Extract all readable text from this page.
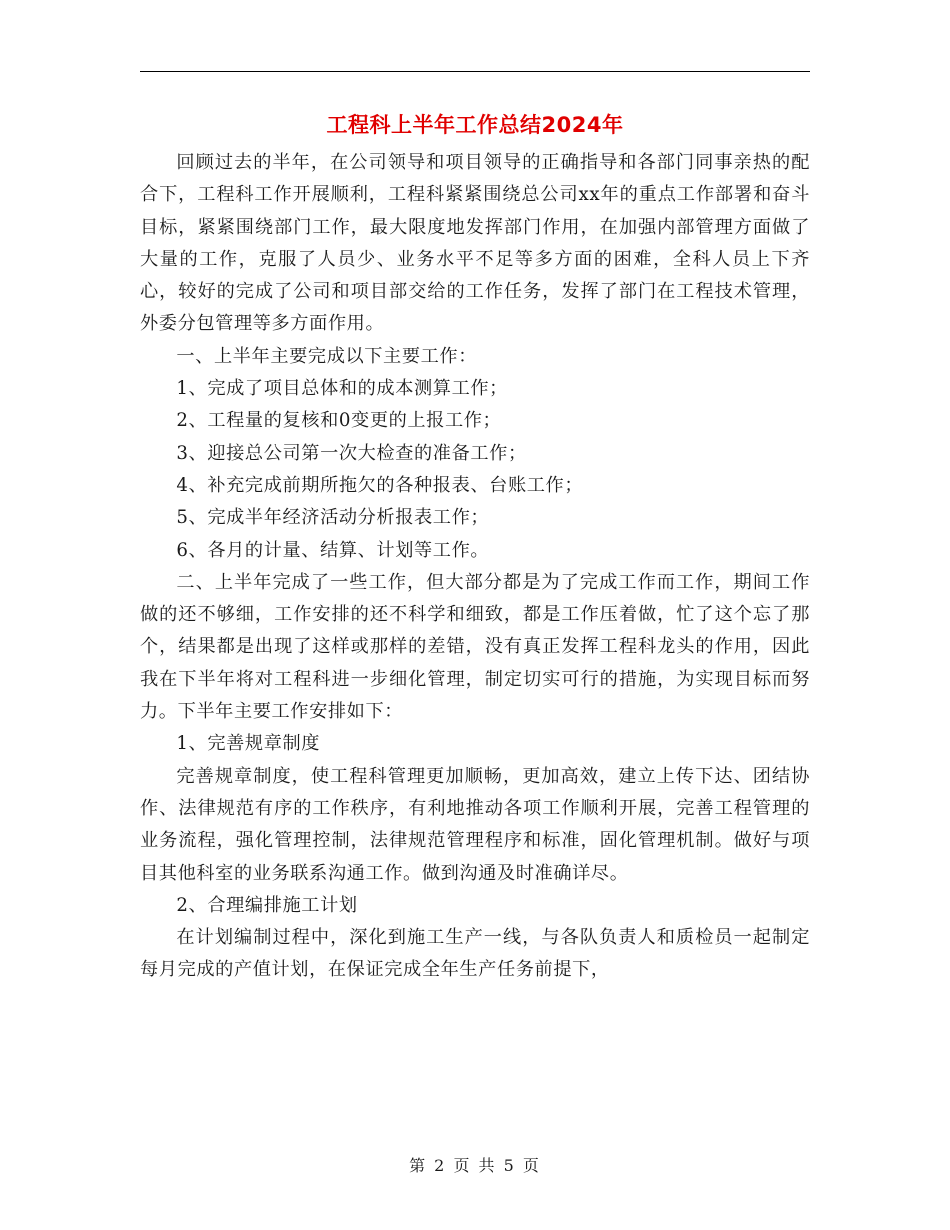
工程科上半年工作总结2024年

回顾过去的半年，在公司领导和项目领导的正确指导和各部门同事亲热的配合下，工程科工作开展顺利，工程科紧紧围绕总公司xx年的重点工作部署和奋斗目标，紧紧围绕部门工作，最大限度地发挥部门作用，在加强内部管理方面做了大量的工作，克服了人员少、业务水平不足等多方面的困难，全科人员上下齐心，较好的完成了公司和项目部交给的工作任务，发挥了部门在工程技术管理，外委分包管理等多方面作用。

一、上半年主要完成以下主要工作：

1、完成了项目总体和的成本测算工作；

2、工程量的复核和0变更的上报工作；

3、迎接总公司第一次大检查的准备工作；

4、补充完成前期所拖欠的各种报表、台账工作；

5、完成半年经济活动分析报表工作；

6、各月的计量、结算、计划等工作。

二、上半年完成了一些工作，但大部分都是为了完成工作而工作，期间工作做的还不够细，工作安排的还不科学和细致，都是工作压着做，忙了这个忘了那个，结果都是出现了这样或那样的差错，没有真正发挥工程科龙头的作用，因此我在下半年将对工程科进一步细化管理，制定切实可行的措施，为实现目标而努力。下半年主要工作安排如下：

1、完善规章制度

完善规章制度，使工程科管理更加顺畅，更加高效，建立上传下达、团结协作、法律规范有序的工作秩序，有利地推动各项工作顺利开展，完善工程管理的业务流程，强化管理控制，法律规范管理程序和标准，固化管理机制。做好与项目其他科室的业务联系沟通工作。做到沟通及时准确详尽。

2、合理编排施工计划

在计划编制过程中，深化到施工生产一线，与各队负责人和质检员一起制定每月完成的产值计划，在保证完成全年生产任务前提下，

第 2 页 共 5 页
